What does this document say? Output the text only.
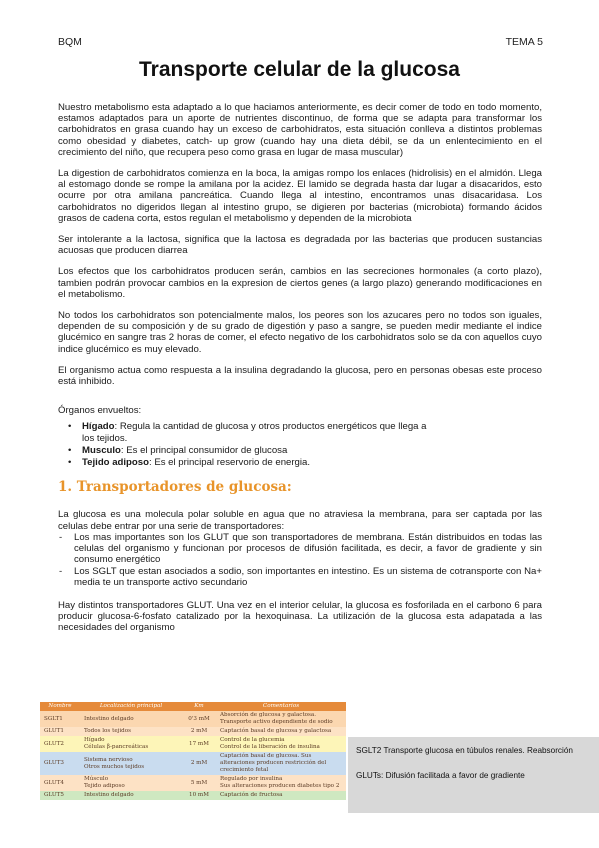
BQM	TEMA 5
Transporte celular de la glucosa

Nuestro metabolismo esta adaptado a lo que haciamos anteriormente, es decir comer de todo en todo momento, estamos adaptados para un aporte de nutrientes discontinuo, de forma que se adapta para transformar los carbohidratos en grasa cuando hay un exceso de carbohidratos, esta situación conlleva a distintos problemas como obesidad y diabetes, catch- up grow (cuando hay una dieta débil, se da un enlentecimiento en el crecimiento del niño, que recupera peso como grasa en lugar de masa muscular)

La digestion de carbohidratos comienza en la boca, la amigas rompo los enlaces (hidrolisis) en el almidón. Llega al estomago donde se rompe la amilana por la acidez. El lamido se degrada hasta dar lugar a disacaridos, esto ocurre por otra amilana pancreática. Cuando llega al intestino, encontramos unas disacaridasa. Los carbohidratos no digeridos llegan al intestino grupo, se digieren por bacterias (microbiota) formando ácidos grasos de cadena corta, estos regulan el metabolismo y dependen de la microbiota

Ser intolerante a la lactosa, significa que la lactosa es degradada por las bacterias que producen sustancias acuosas que producen diarrea

Los efectos que los carbohidratos producen serán, cambios en las secreciones hormonales (a corto plazo), tambien podrán provocar cambios en la expresion de ciertos genes (a largo plazo) generando modificaciones en el metabolismo.

No todos los carbohidratos son potencialmente malos, los peores son los azucares pero no todos son iguales, dependen de su composición y de su grado de digestión y paso a sangre, se pueden medir mediante el indice glucémico en sangre tras 2 horas de comer, el efecto negativo de los carbohidratos solo se da con aquellos cuyo indice glucémico es muy elevado.

El organismo actua como respuesta a la insulina degradando la glucosa, pero en personas obesas este proceso está inhibido.

Órganos envueltos:

• Hígado: Regula la cantidad de glucosa y otros productos energéticos que llega a
los tejidos.
• Musculo: Es el principal consumidor de glucosa
• Tejido adiposo: Es el principal reservorio de energia.
1. Transportadores de glucosa:

La glucosa es una molecula polar soluble en agua que no atraviesa la membrana, para ser captada por las celulas debe entrar por una serie de transportadores:

- Los mas importantes son los GLUT que son transportadores de membrana. Están distribuidos en todas las celulas del organismo y funcionan por procesos de difusión facilitada, es decir, a favor de gradiente y sin consumo energético
- Los SGLT que estan asociados a sodio, son importantes en intestino. Es un sistema de cotransporte con Na+ media te un transporte activo secundario

Hay distintos transportadores GLUT. Una vez en el interior celular, la glucosa es fosforilada en el carbono 6 para producir glucosa-6-fosfato catalizado por la hexoquinasa. La utilización de la glucosa esta adapatada a las necesidades del organismo

Nombre	Localización principal	Km	Comentarios
SGLT1	Intestino delgado	0'3 mM	Absorción de glucosa y galactosa.
Transporte activo dependiente de sodio

GLUT1	Todos los tejidos	2 mM	Captación basal de glucosa y galactosa
GLUT2	Hígado
Células β-pancreáticas	17 mM	Control de la glucemia
Control de la liberación de insulina

GLUT3	Sistema nervioso
Otros muchos tejidos	2 mM	Captación basal de glucosa. Sus
alteraciones producen restricción del
crecimiento fetal

GLUT4	Músculo
Tejido adiposo	5 mM	Regulado por insulina
Sus alteraciones producen diabetes tipo 2

GLUT5	Intestino delgado	10 mM	Captación de fructosa
SGLT2 Transporte glucosa en túbulos renales. Reabsorción
GLUTs: Difusión facilitada a favor de gradiente
